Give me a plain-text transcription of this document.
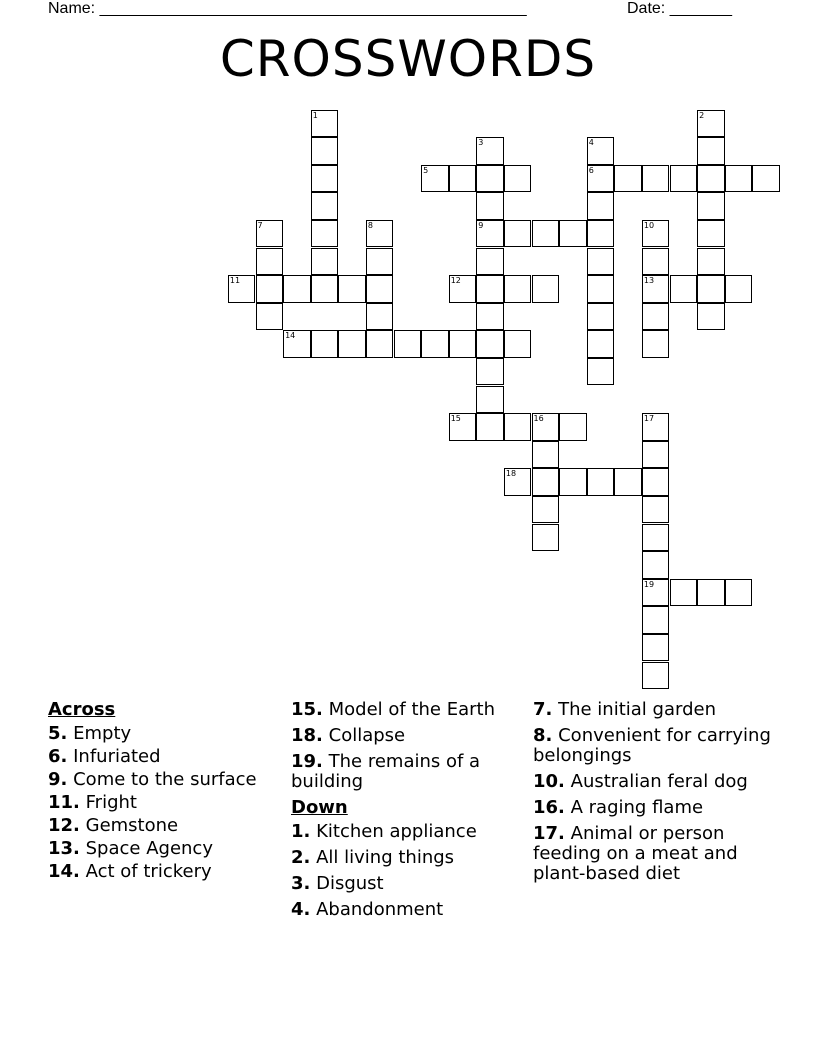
Name: ________________________________________________	Date: _______
CROSSWORDS
1	2
3
9
4
6
5
7	8	10
13
11	12
14
15	16	17
19
18
Across
5. Empty
6. Infuriated
9. Come to the surface
11. Fright
12. Gemstone
13. Space Agency
14. Act of trickery
15. Model of the Earth
18. Collapse
19. The remains of a building
Down
1. Kitchen appliance
2. All living things
3. Disgust
4. Abandonment
7. The initial garden
8. Convenient for carrying belongings
10. Australian feral dog
16. A raging flame
17. Animal or person feeding on a meat and plant-based diet
